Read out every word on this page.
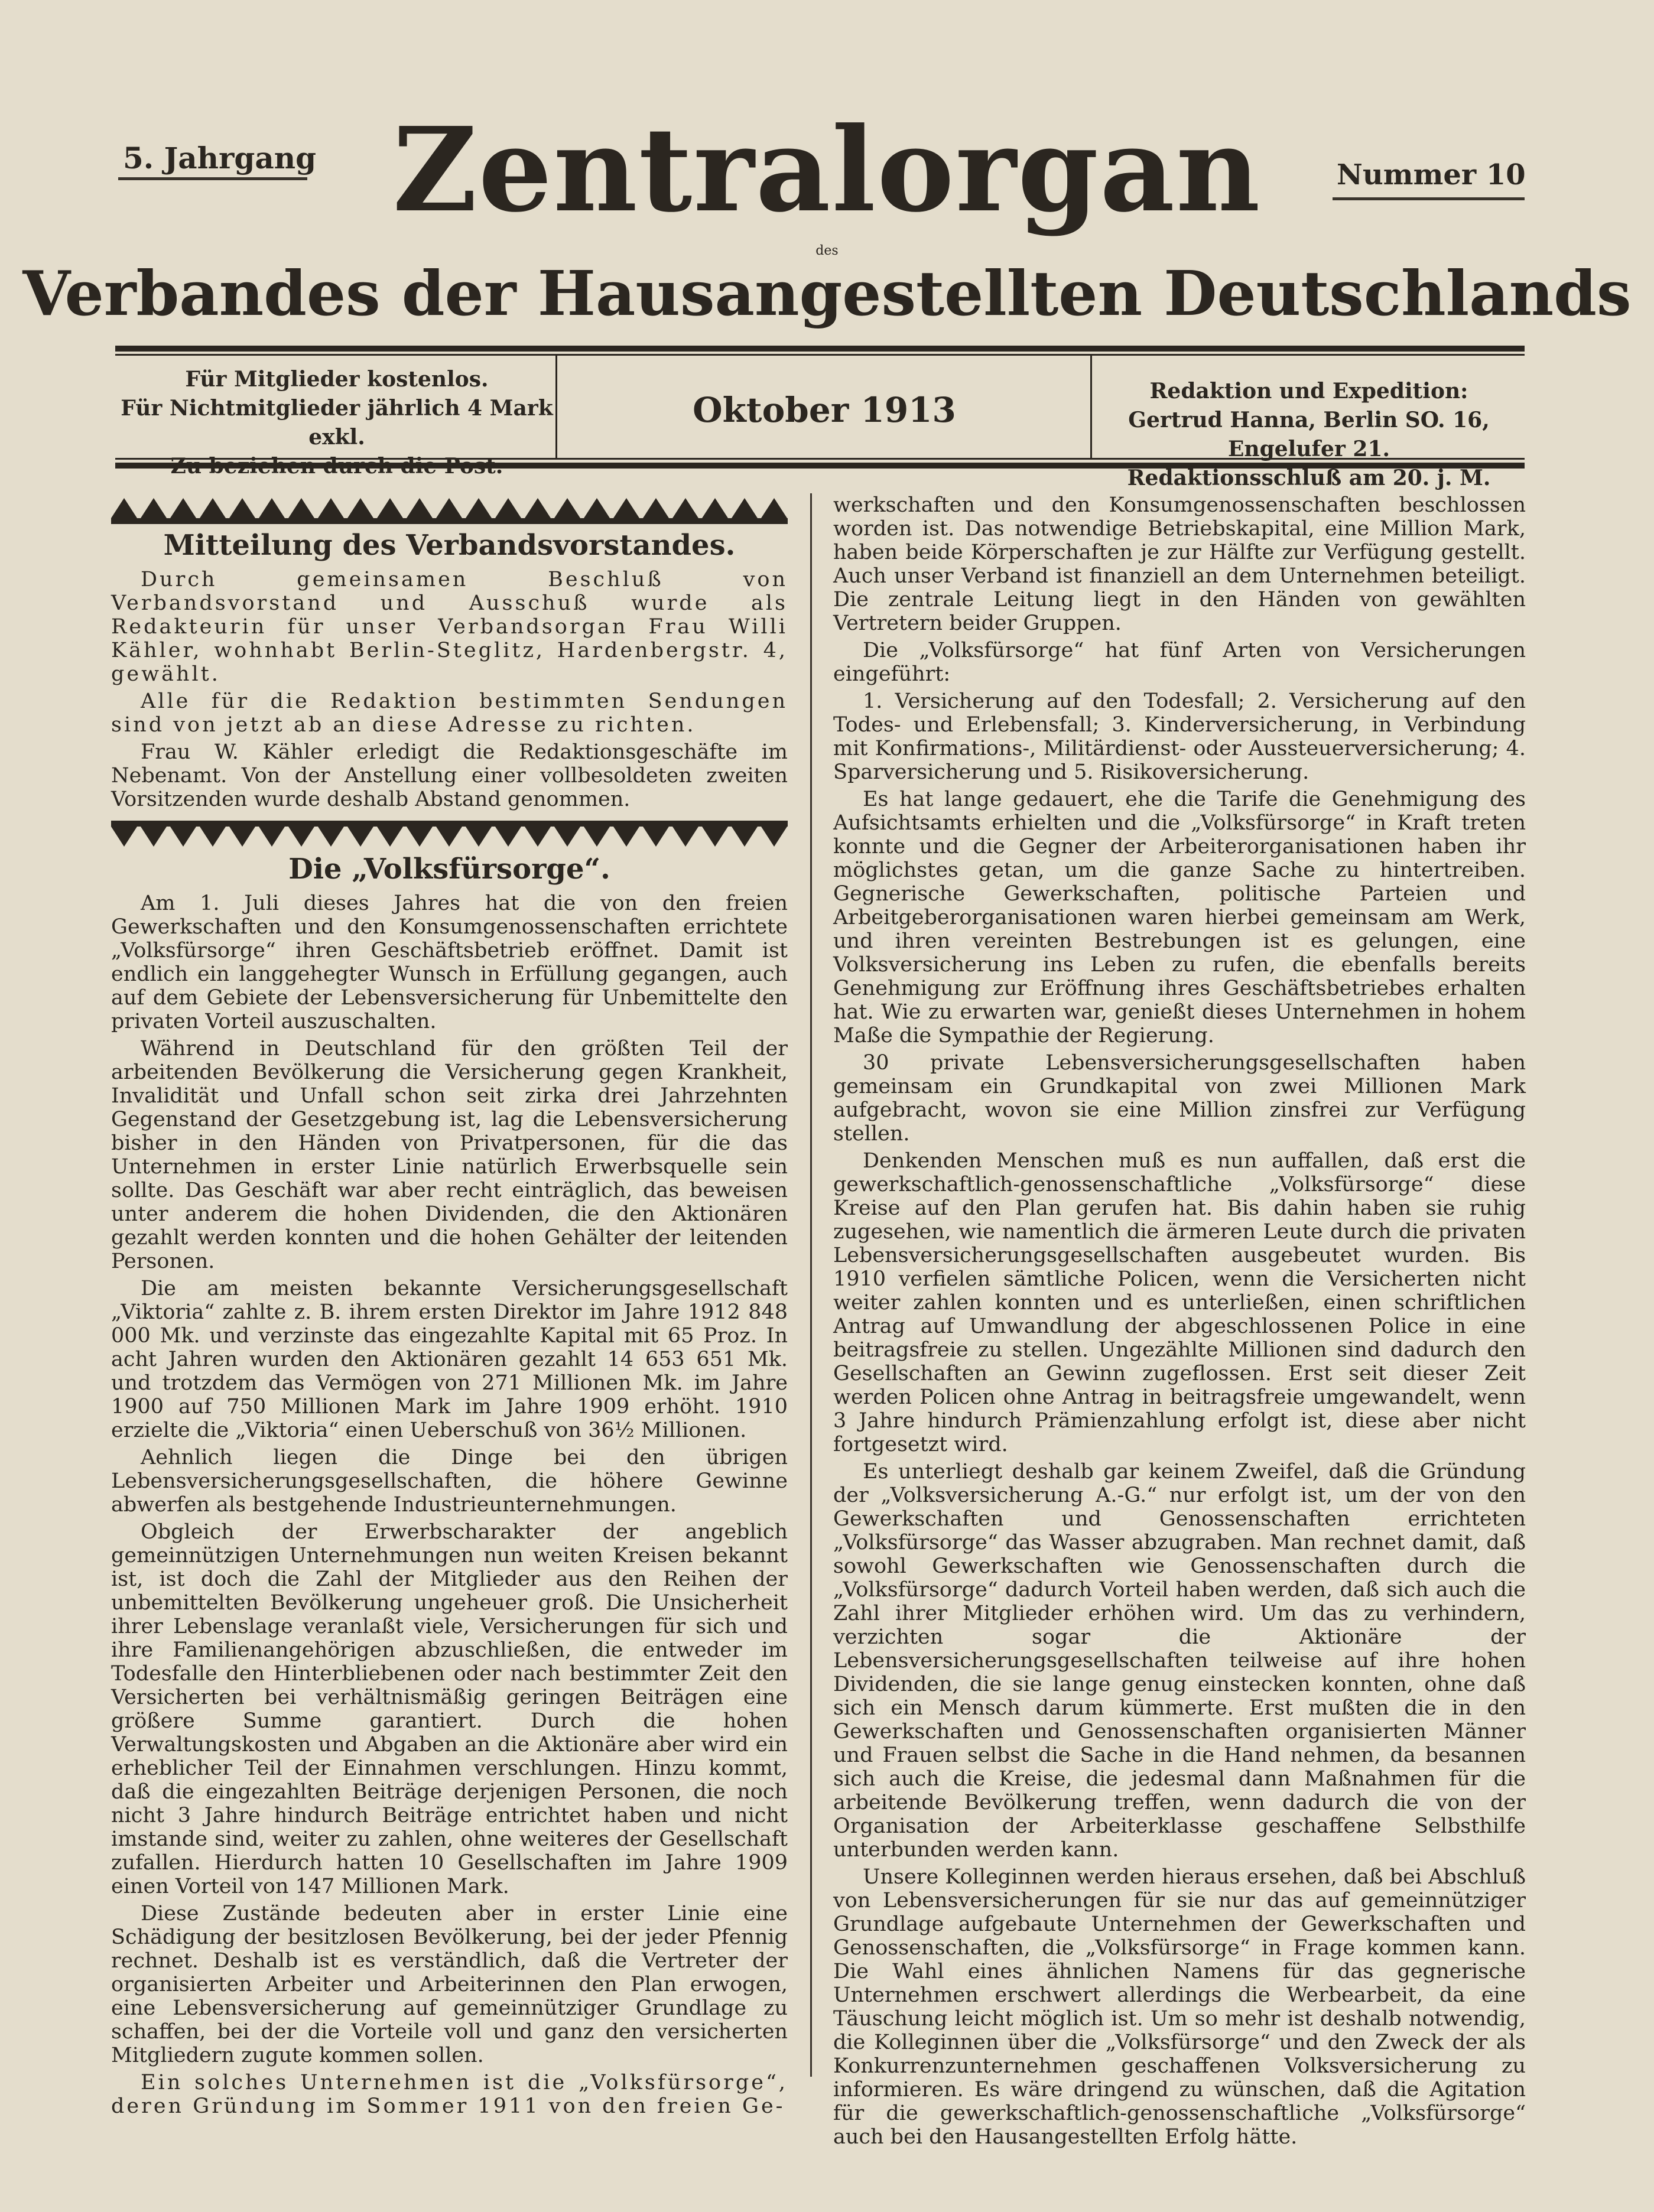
5. Jahrgang	Nummer 10
Zentralorgan
des
Verbandes der Hausangestellten Deutschlands
Für Mitglieder kostenlos.
Für Nichtmitglieder jährlich 4 Mark exkl.
Zu beziehen durch die Post.
Oktober 1913	Redaktion und Expedition:
Gertrud Hanna, Berlin SO. 16, Engelufer 21.
Redaktionsschluß am 20. j. M.
Mitteilung des Verbandsvorstandes.

Durch gemeinsamen Beschluß von Verbandsvorstand und Ausschuß wurde als Redakteurin für unser Verbandsorgan Frau Willi Kähler, wohnhabt Berlin-Steglitz, Hardenbergstr. 4, gewählt.

Alle für die Redaktion bestimmten Sendungen sind von jetzt ab an diese Adresse zu richten.

Frau W. Kähler erledigt die Redaktionsgeschäfte im Nebenamt. Von der Anstellung einer vollbesoldeten zweiten Vorsitzenden wurde deshalb Abstand genommen.

Die „Volksfürsorge“.

Am 1. Juli dieses Jahres hat die von den freien Gewerkschaften und den Konsumgenossenschaften errichtete „Volksfürsorge“ ihren Geschäftsbetrieb eröffnet. Damit ist endlich ein langgehegter Wunsch in Erfüllung gegangen, auch auf dem Gebiete der Lebensversicherung für Unbemittelte den privaten Vorteil auszuschalten.

Während in Deutschland für den größten Teil der arbeitenden Bevölkerung die Versicherung gegen Krankheit, Invalidität und Unfall schon seit zirka drei Jahrzehnten Gegenstand der Gesetzgebung ist, lag die Lebensversicherung bisher in den Händen von Privatpersonen, für die das Unternehmen in erster Linie natürlich Erwerbsquelle sein sollte. Das Geschäft war aber recht einträglich, das beweisen unter anderem die hohen Dividenden, die den Aktionären gezahlt werden konnten und die hohen Gehälter der leitenden Personen.

Die am meisten bekannte Versicherungsgesellschaft „Viktoria“ zahlte z. B. ihrem ersten Direktor im Jahre 1912 848 000 Mk. und verzinste das eingezahlte Kapital mit 65 Proz. In acht Jahren wurden den Aktionären gezahlt 14 653 651 Mk. und trotzdem das Vermögen von 271 Millionen Mk. im Jahre 1900 auf 750 Millionen Mark im Jahre 1909 erhöht. 1910 erzielte die „Viktoria“ einen Ueberschuß von 36½ Millionen.

Aehnlich liegen die Dinge bei den übrigen Lebensversicherungsgesellschaften, die höhere Gewinne abwerfen als bestgehende Industrieunternehmungen.

Obgleich der Erwerbscharakter der angeblich gemeinnützigen Unternehmungen nun weiten Kreisen bekannt ist, ist doch die Zahl der Mitglieder aus den Reihen der unbemittelten Bevölkerung ungeheuer groß. Die Unsicherheit ihrer Lebenslage veranlaßt viele, Versicherungen für sich und ihre Familienangehörigen abzuschließen, die entweder im Todesfalle den Hinterbliebenen oder nach bestimmter Zeit den Versicherten bei verhältnismäßig geringen Beiträgen eine größere Summe garantiert. Durch die hohen Verwaltungskosten und Abgaben an die Aktionäre aber wird ein erheblicher Teil der Einnahmen verschlungen. Hinzu kommt, daß die eingezahlten Beiträge derjenigen Personen, die noch nicht 3 Jahre hindurch Beiträge entrichtet haben und nicht imstande sind, weiter zu zahlen, ohne weiteres der Gesellschaft zufallen. Hierdurch hatten 10 Gesellschaften im Jahre 1909 einen Vorteil von 147 Millionen Mark.

Diese Zustände bedeuten aber in erster Linie eine Schädigung der besitzlosen Bevölkerung, bei der jeder Pfennig rechnet. Deshalb ist es verständlich, daß die Vertreter der organisierten Arbeiter und Arbeiterinnen den Plan erwogen, eine Lebensversicherung auf gemeinnütziger Grundlage zu schaffen, bei der die Vorteile voll und ganz den versicherten Mitgliedern zugute kommen sollen.

Ein solches Unternehmen ist die „Volksfürsorge“, deren Gründung im Sommer 1911 von den freien Ge-

werkschaften und den Konsumgenossenschaften beschlossen worden ist. Das notwendige Betriebskapital, eine Million Mark, haben beide Körperschaften je zur Hälfte zur Verfügung gestellt. Auch unser Verband ist finanziell an dem Unternehmen beteiligt. Die zentrale Leitung liegt in den Händen von gewählten Vertretern beider Gruppen.

Die „Volksfürsorge“ hat fünf Arten von Versicherungen eingeführt:

1. Versicherung auf den Todesfall; 2. Versicherung auf den Todes- und Erlebensfall; 3. Kinderversicherung, in Verbindung mit Konfirmations-, Militärdienst- oder Aussteuerversicherung; 4. Sparversicherung und 5. Risikoversicherung.

Es hat lange gedauert, ehe die Tarife die Genehmigung des Aufsichtsamts erhielten und die „Volksfürsorge“ in Kraft treten konnte und die Gegner der Arbeiterorganisationen haben ihr möglichstes getan, um die ganze Sache zu hintertreiben. Gegnerische Gewerkschaften, politische Parteien und Arbeitgeberorganisationen waren hierbei gemeinsam am Werk, und ihren vereinten Bestrebungen ist es gelungen, eine Volksversicherung ins Leben zu rufen, die ebenfalls bereits Genehmigung zur Eröffnung ihres Geschäftsbetriebes erhalten hat. Wie zu erwarten war, genießt dieses Unternehmen in hohem Maße die Sympathie der Regierung.

30 private Lebensversicherungsgesellschaften haben gemeinsam ein Grundkapital von zwei Millionen Mark aufgebracht, wovon sie eine Million zinsfrei zur Verfügung stellen.

Denkenden Menschen muß es nun auffallen, daß erst die gewerkschaftlich-genossenschaftliche „Volksfürsorge“ diese Kreise auf den Plan gerufen hat. Bis dahin haben sie ruhig zugesehen, wie namentlich die ärmeren Leute durch die privaten Lebensversicherungsgesellschaften ausgebeutet wurden. Bis 1910 verfielen sämtliche Policen, wenn die Versicherten nicht weiter zahlen konnten und es unterließen, einen schriftlichen Antrag auf Umwandlung der abgeschlossenen Police in eine beitragsfreie zu stellen. Ungezählte Millionen sind dadurch den Gesellschaften an Gewinn zugeflossen. Erst seit dieser Zeit werden Policen ohne Antrag in beitragsfreie umgewandelt, wenn 3 Jahre hindurch Prämienzahlung erfolgt ist, diese aber nicht fortgesetzt wird.

Es unterliegt deshalb gar keinem Zweifel, daß die Gründung der „Volksversicherung A.-G.“ nur erfolgt ist, um der von den Gewerkschaften und Genossenschaften errichteten „Volksfürsorge“ das Wasser abzugraben. Man rechnet damit, daß sowohl Gewerkschaften wie Genossenschaften durch die „Volksfürsorge“ dadurch Vorteil haben werden, daß sich auch die Zahl ihrer Mitglieder erhöhen wird. Um das zu verhindern, verzichten sogar die Aktionäre der Lebensversicherungsgesellschaften teilweise auf ihre hohen Dividenden, die sie lange genug einstecken konnten, ohne daß sich ein Mensch darum kümmerte. Erst mußten die in den Gewerkschaften und Genossenschaften organisierten Männer und Frauen selbst die Sache in die Hand nehmen, da besannen sich auch die Kreise, die jedesmal dann Maßnahmen für die arbeitende Bevölkerung treffen, wenn dadurch die von der Organisation der Arbeiterklasse geschaffene Selbsthilfe unterbunden werden kann.

Unsere Kolleginnen werden hieraus ersehen, daß bei Abschluß von Lebensversicherungen für sie nur das auf gemeinnütziger Grundlage aufgebaute Unternehmen der Gewerkschaften und Genossenschaften, die „Volksfürsorge“ in Frage kommen kann. Die Wahl eines ähnlichen Namens für das gegnerische Unternehmen erschwert allerdings die Werbearbeit, da eine Täuschung leicht möglich ist. Um so mehr ist deshalb notwendig, die Kolleginnen über die „Volksfürsorge“ und den Zweck der als Konkurrenzunternehmen geschaffenen Volksversicherung zu informieren. Es wäre dringend zu wünschen, daß die Agitation für die gewerkschaftlich-genossenschaftliche „Volksfürsorge“ auch bei den Hausangestellten Erfolg hätte.
